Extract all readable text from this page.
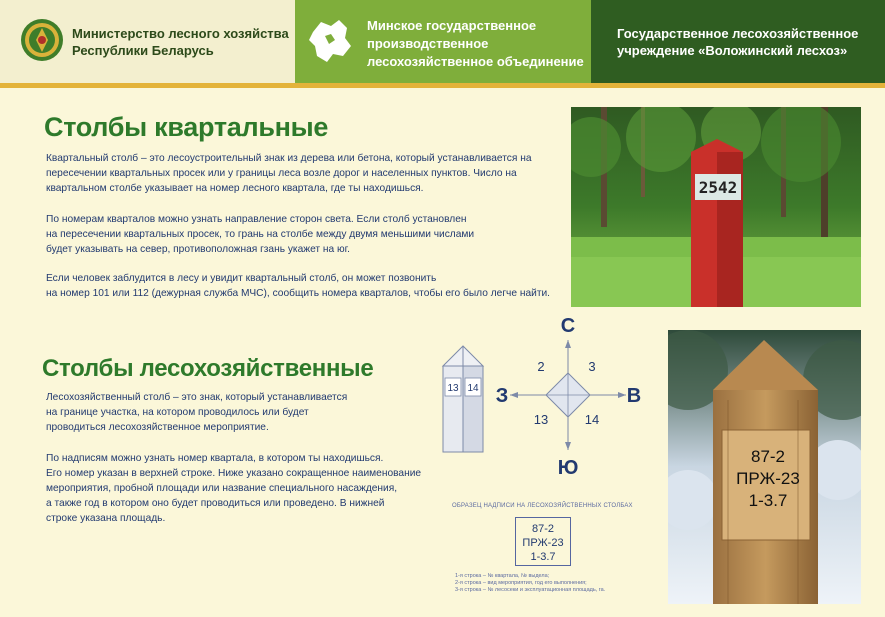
Министерство лесного хозяйства
Республики Беларусь
Минское государственное
производственное
лесохозяйственное объединение
Государственное лесохозяйственное
учреждение «Воложинский лесхоз»
Столбы квартальные
Квартальный столб – это лесоустроительный знак из дерева или бетона, который устанавливается на
пересечении квартальных просек или у границы леса возле дорог и населенных пунктов. Число на
квартальном столбе указывает на номер лесного квартала, где ты находишься.
По номерам кварталов можно узнать направление сторон света. Если столб установлен
на пересечении квартальных просек, то грань на столбе между двумя меньшими числами
будет указывать на север, противоположная гзань укажет на юг.
Если человек заблудится в лесу и увидит квартальный столб, он может позвонить
на номер 101 или 112 (дежурная служба МЧС), сообщить номера кварталов, чтобы его было легче найти.
2542
Столбы лесохозяйственные
Лесохозяйственный столб – это знак, который устанавливается
на границе участка, на котором проводилось или будет
проводиться лесохозяйственное мероприятие.
По надписям можно узнать номер квартала, в котором ты находишься.
Его номер указан в верхней строке. Ниже указано сокращенное наименование
мероприятия, пробной площади или название специального насаждения,
а также год в котором оно будет проводиться или проведено. В нижней
строке указана площадь.
13 14
С
Ю
З	В
2	3
13	14
ОБРАЗЕЦ НАДПИСИ НА ЛЕСОХОЗЯЙСТВЕННЫХ СТОЛБАХ
87-2
ПРЖ-23
1-3.7
1-я строка – № квартала, № выдела;
2-я строка – вид мероприятия, год его выполнения;
3-я строка – № лесосеки и эксплуатационная площадь, га.
87-2
ПРЖ-23
1-3.7
